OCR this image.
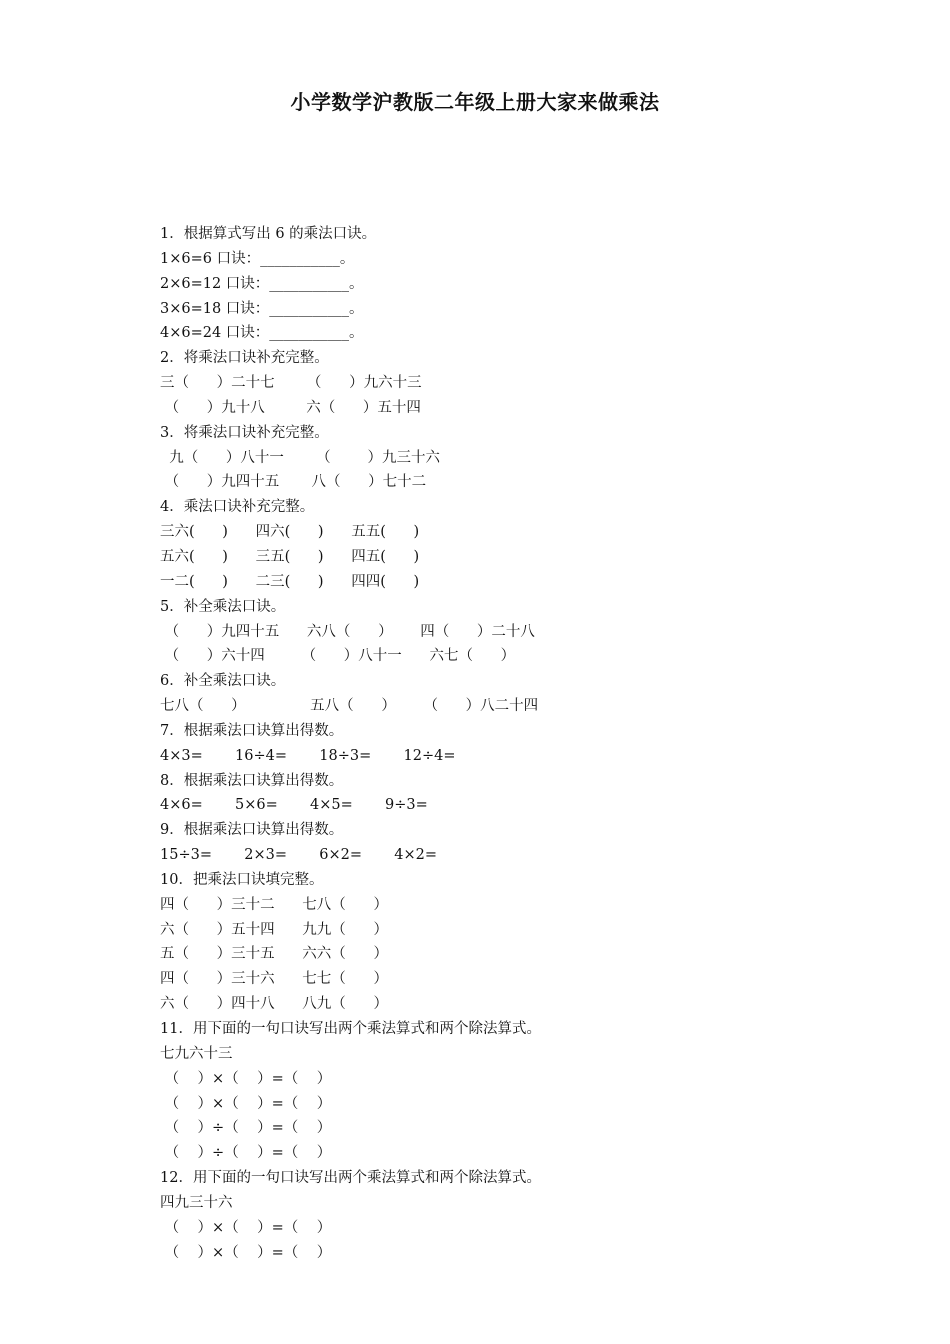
小学数学沪教版二年级上册大家来做乘法
1．根据算式写出 6 的乘法口诀。
1×6=6 口诀：___________。
2×6=12 口诀：___________。
3×6=18 口诀：___________。
4×6=24 口诀：___________。
2．将乘法口诀补充完整。
三（      ）二十七       （      ）九六十三
（      ）九十八         六（      ）五十四
3．将乘法口诀补充完整。
九（      ）八十一       （        ）九三十六
（      ）九四十五       八（      ）七十二
4．乘法口诀补充完整。
三六(      )      四六(      )      五五(      )
五六(      )      三五(      )      四五(      )
一二(      )      二三(      )      四四(      )
5．补全乘法口诀。
（      ）九四十五      六八（      ）      四（      ）二十八
（      ）六十四        （      ）八十一      六七（      ）
6．补全乘法口诀。
七八（      ）              五八（      ）      （      ）八二十四
7．根据乘法口诀算出得数。
4×3=       16÷4=       18÷3=       12÷4=
8．根据乘法口诀算出得数。
4×6=       5×6=       4×5=       9÷3=
9．根据乘法口诀算出得数。
15÷3=       2×3=       6×2=       4×2=
10．把乘法口诀填完整。
四（      ）三十二      七八（      ）
六（      ）五十四      九九（      ）
五（      ）三十五      六六（      ）
四（      ）三十六      七七（      ）
六（      ）四十八      八九（      ）
11．用下面的一句口诀写出两个乘法算式和两个除法算式。
七九六十三
（    ）×（    ）=（    ）
（    ）×（    ）=（    ）
（    ）÷（    ）=（    ）
（    ）÷（    ）=（    ）
12．用下面的一句口诀写出两个乘法算式和两个除法算式。
四九三十六
（    ）×（    ）=（    ）
（    ）×（    ）=（    ）
